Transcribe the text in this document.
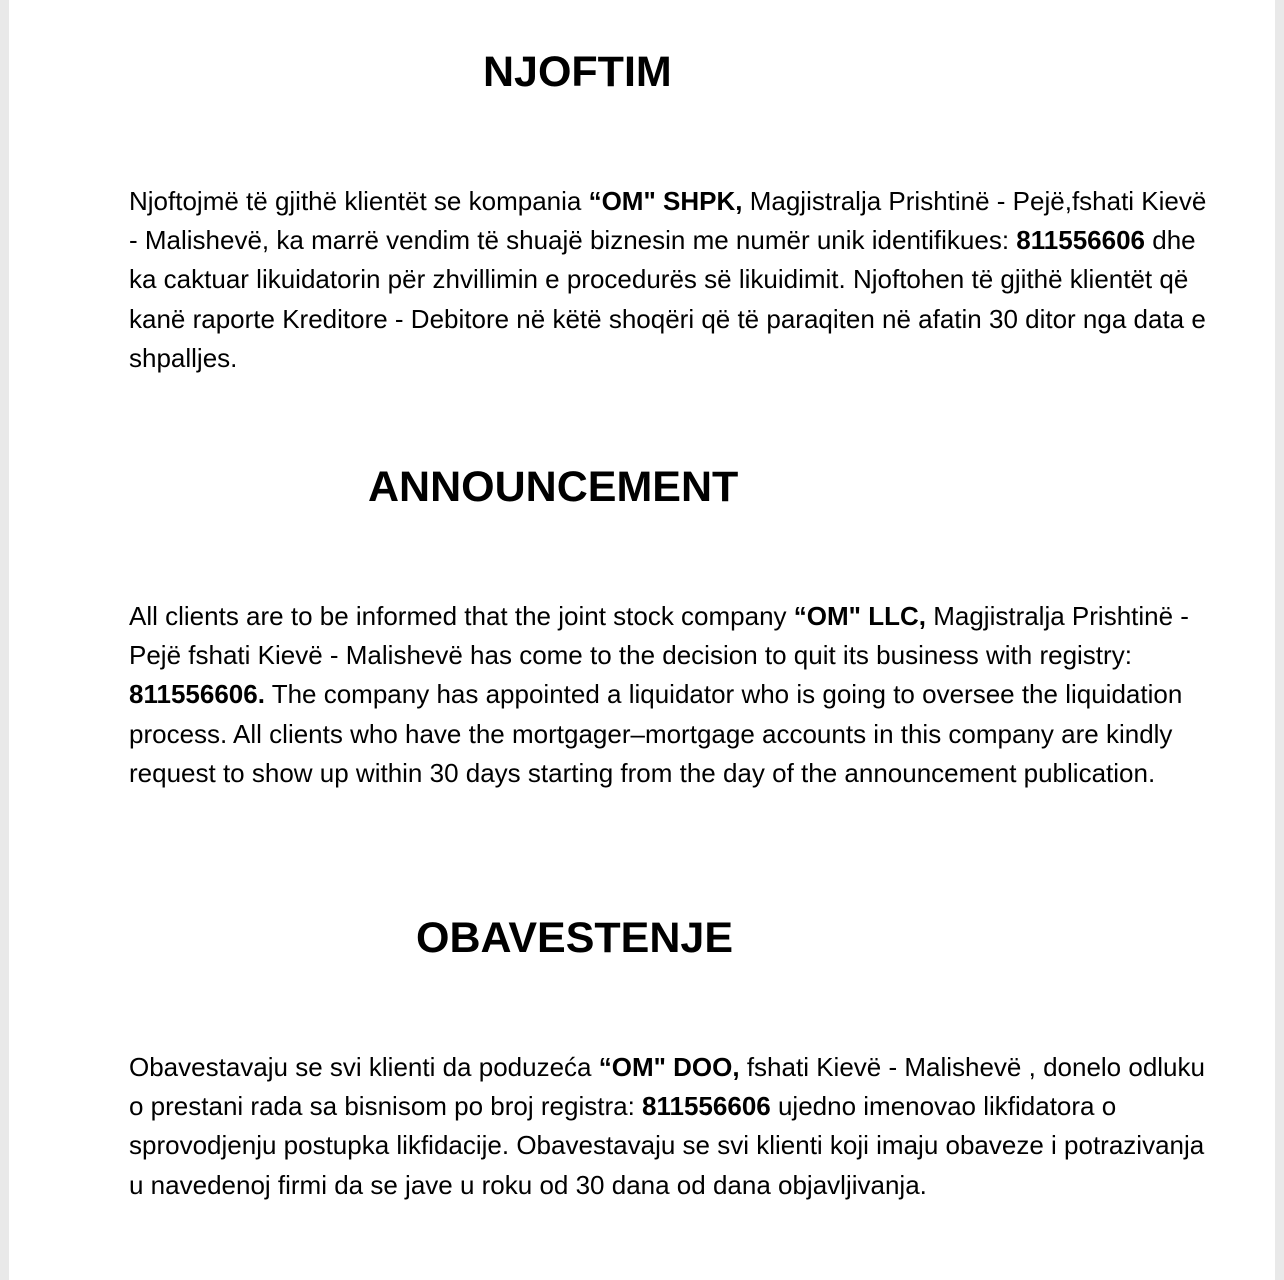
NJOFTIM

Njoftojmë të gjithë klientët se kompania “OM" SHPK, Magjistralja Prishtinë - Pejë,fshati Kievë - Malishevë, ka marrë vendim të shuajë biznesin me numër unik identifikues: 811556606 dhe ka caktuar likuidatorin për zhvillimin e procedurës së likuidimit. Njoftohen të gjithë klientët që kanë raporte Kreditore - Debitore në këtë shoqëri që të paraqiten në afatin 30 ditor nga data e shpalljes.

ANNOUNCEMENT

All clients are to be informed that the joint stock company “OM" LLC, Magjistralja Prishtinë - Pejë fshati Kievë - Malishevë has come to the decision to quit its business with registry: 811556606. The company has appointed a liquidator who is going to oversee the liquidation process. All clients who have the mortgager–mortgage accounts in this company are kindly request to show up within 30 days starting from the day of the announcement publication.

OBAVESTENJE

Obavestavaju se svi klienti da poduzeća “OM" DOO, fshati Kievë - Malishevë , donelo odluku o prestani rada sa bisnisom po broj registra: 811556606 ujedno imenovao likfidatora o sprovodjenju postupka likfidacije. Obavestavaju se svi klienti koji imaju obaveze i potrazivanja u navedenoj firmi da se jave u roku od 30 dana od dana objavljivanja.
